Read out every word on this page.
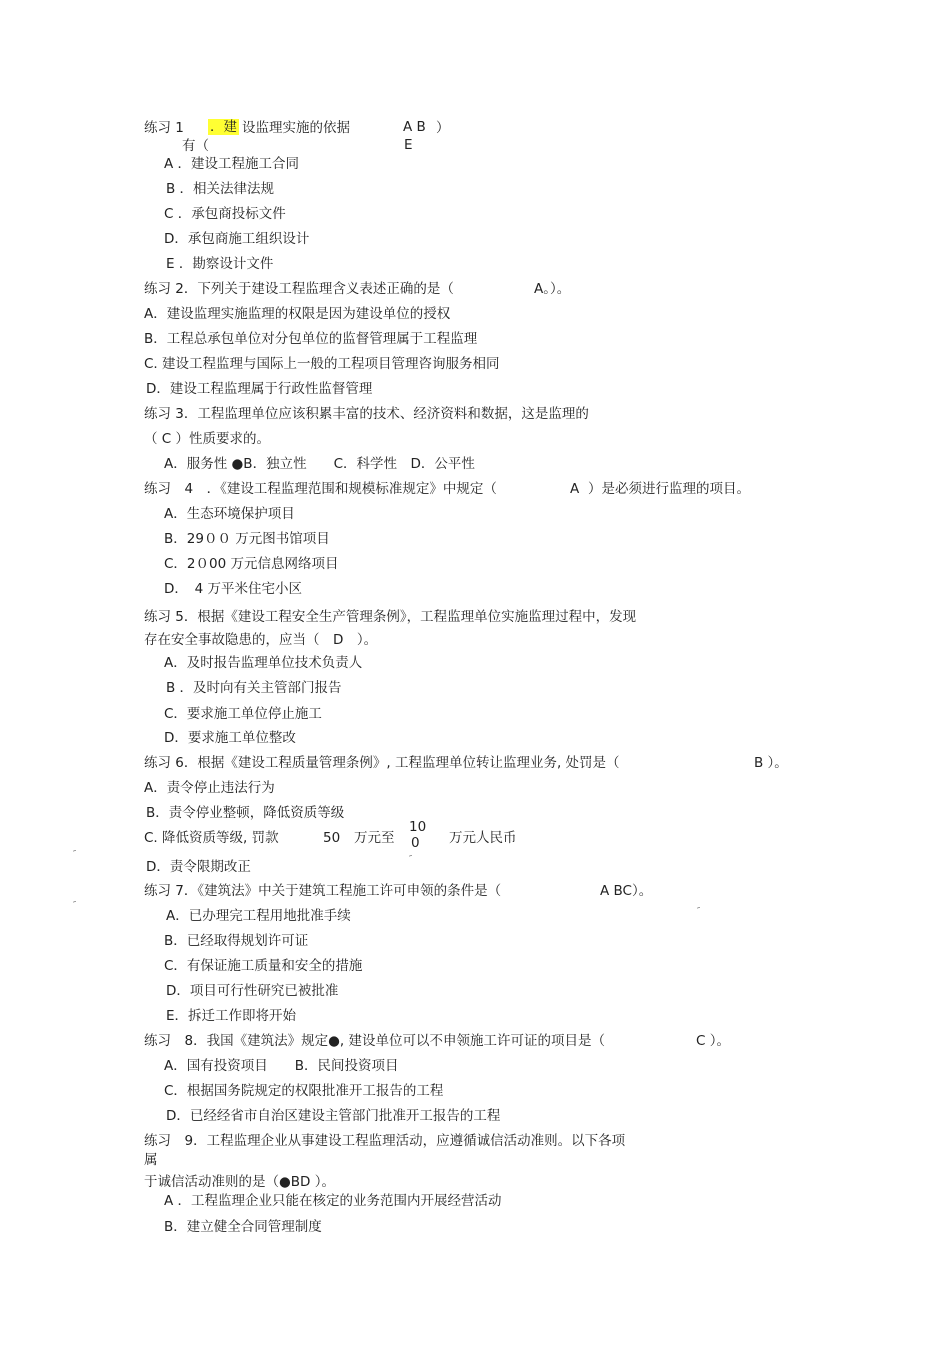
练习 1 ．建 设监理实施的依据	A B ）
有（	E
A ．建设工程施工合同
B ．相关法律法规
C ．承包商投标文件
D．承包商施工组织设计
E ．勘察设计文件
练习 2．下列关于建设工程监理含义表述正确的是（	A。）。
A．建设监理实施监理的权限是因为建设单位的授权
B．工程总承包单位对分包单位的监督管理属于工程监理
C. 建设工程监理与国际上一般的工程项目管理咨询服务相同
D．建设工程监理属于行政性监督管理
练习 3．工程监理单位应该积累丰富的技术、经济资料和数据，这是监理的
（ C ）性质要求的。
A．服务性 ●B．独立性　　C．科学性　D．公平性
练习　4　．《建设工程监理范围和规模标准规定》中规定（	A ）是必须进行监理的项目。
A．生态环境保护项目
B．29００ 万元图书馆项目
C．2０00 万元信息网络项目
D．　4 万平米住宅小区
练习 5．根据《建设工程安全生产管理条例》，工程监理单位实施监理过程中，发现
存在安全事故隐患的，应当（　D　）。
A．及时报告监理单位技术负责人
B ．及时向有关主管部门报告
C．要求施工单位停止施工
D．要求施工单位整改
练习 6．根据《建设工程质量管理条例》, 工程监理单位转让监理业务, 处罚是（	B ）。
A．责令停止违法行为
B．责令停业整顿，降低资质等级
C. 降低资质等级, 罚款	50 万元至
10
0 万元人民币
D．责令限期改正
练习 7．《建筑法》中关于建筑工程施工许可申领的条件是（	A BC）。
A．已办理完工程用地批准手续
B．已经取得规划许可证
C．有保证施工质量和安全的措施
D．项目可行性研究已被批准
E．拆迁工作即将开始
练习　8．我国《建筑法》规定●, 建设单位可以不申领施工许可证的项目是（	C ）。
A．国有投资项目　　B．民间投资项目
C．根据国务院规定的权限批准开工报告的工程
D．已经经省市自治区建设主管部门批准开工报告的工程
练习　9．工程监理企业从事建设工程监理活动，应遵循诚信活动准则。以下各项
属
于诚信活动准则的是（●BD ）。
A ．工程监理企业只能在核定的业务范围内开展经营活动
B．建立健全合同管理制度
